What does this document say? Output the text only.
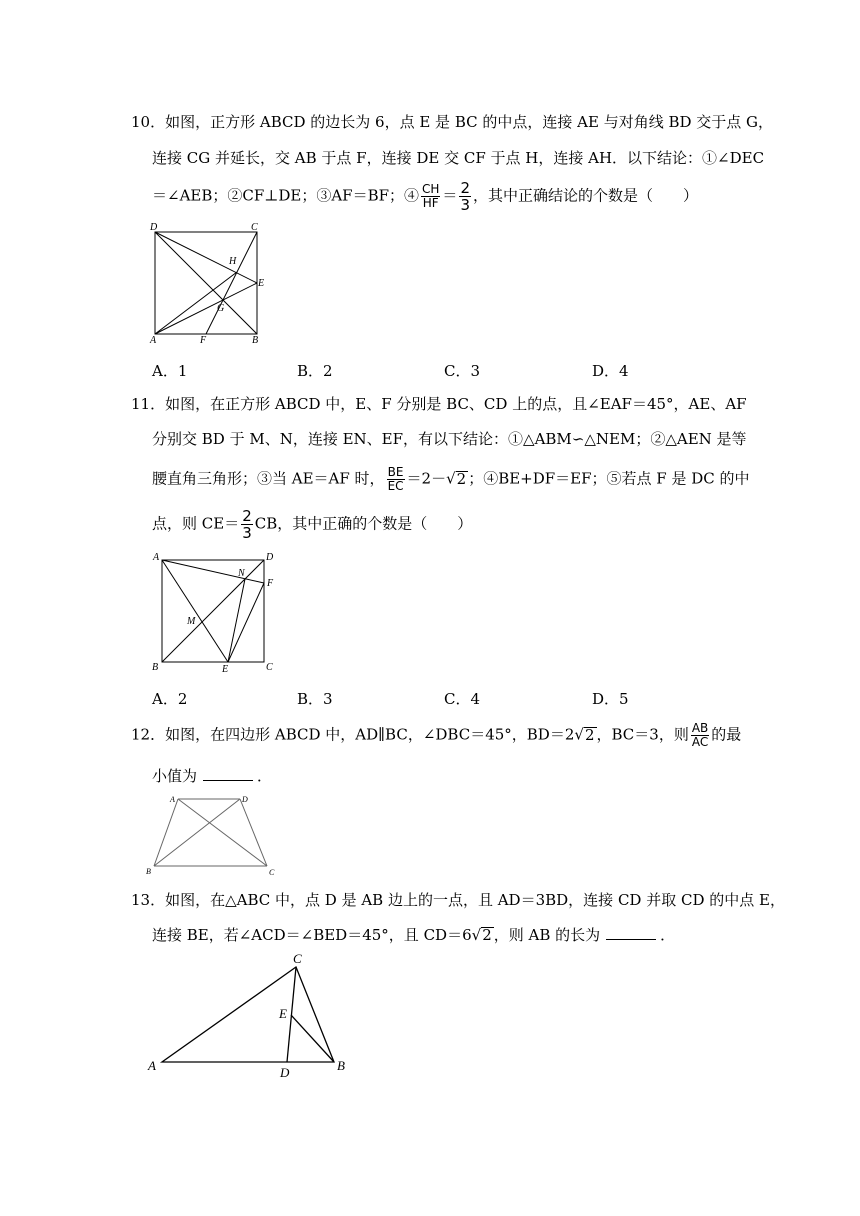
10．如图，正方形 ABCD 的边长为 6，点 E 是 BC 的中点，连接 AE 与对角线 BD 交于点 G，
连接 CG 并延长，交 AB 于点 F，连接 DE 交 CF 于点 H，连接 AH．以下结论：①∠DEC
＝∠AEB；②CF⊥DE；③AF＝BF；④ $\frac{CH}{HF} = \frac{2}{3}$ ，其中正确结论的个数是（　　）
D	C
H
E
G
A	F	B
A．1	B．2	C．3	D．4
11．如图，在正方形 ABCD 中，E、F 分别是 BC、CD 上的点，且∠EAF＝45°，AE、AF
分别交 BD 于 M、N，连接 EN、EF，有以下结论：①△ABM∽△NEM；②△AEN 是等
腰直角三角形；③当 AE＝AF 时， $\frac{BE}{EC} =2-√2$ ；④BE+DF＝EF；⑤若点 F 是 DC 的中
点，则 $CE= \frac{2}{3}$ CB，其中正确的个数是（　　）
A	D
N
F
M
B	E	C
A．2	B．3	C．4	D．5
12．如图，在四边形 ABCD 中，AD∥BC，∠DBC＝45°，BD＝2√2 ，BC＝3，则 $\frac{AB}{AC}$ 的最
小值为	．
A	D
B	C
13．如图，在△ABC 中，点 D 是 AB 边上的一点，且 AD＝3BD，连接 CD 并取 CD 的中点 E，
连接 BE，若∠ACD＝∠BED＝45°，且 CD＝6√2 ，则 AB 的长为	．
C
E
A	D	B
